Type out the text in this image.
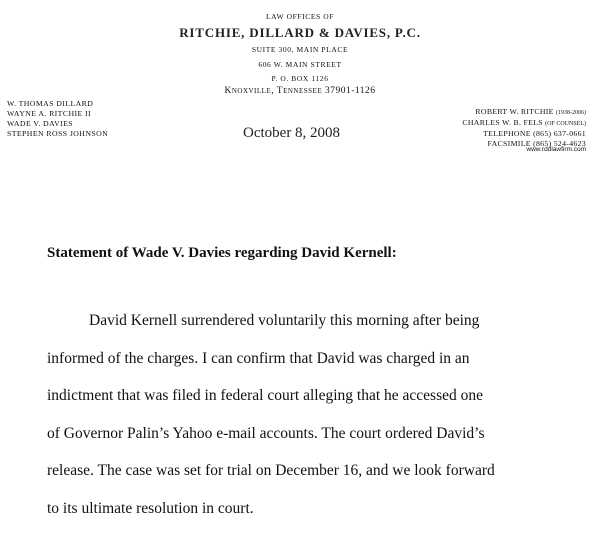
LAW OFFICES OF
RITCHIE, DILLARD & DAVIES, P.C.
SUITE 300, MAIN PLACE
606 W. MAIN STREET
P. O. BOX 1126
Knoxville, Tennessee 37901-1126
W. THOMAS DILLARD
WAYNE A. RITCHIE II
WADE V. DAVIES
STEPHEN ROSS JOHNSON
ROBERT W. RITCHIE (1938-2006)
CHARLES W. B. FELS (OF COUNSEL)
TELEPHONE (865) 637-0661
FACSIMILE (865) 524-4623
www.rddlawfirm.com
October 8, 2008
Statement of Wade V. Davies regarding David Kernell:
David Kernell surrendered voluntarily this morning after being
informed of the charges. I can confirm that David was charged in an
indictment that was filed in federal court alleging that he accessed one
of Governor Palin’s Yahoo e-mail accounts. The court ordered David’s
release. The case was set for trial on December 16, and we look forward
to its ultimate resolution in court.
